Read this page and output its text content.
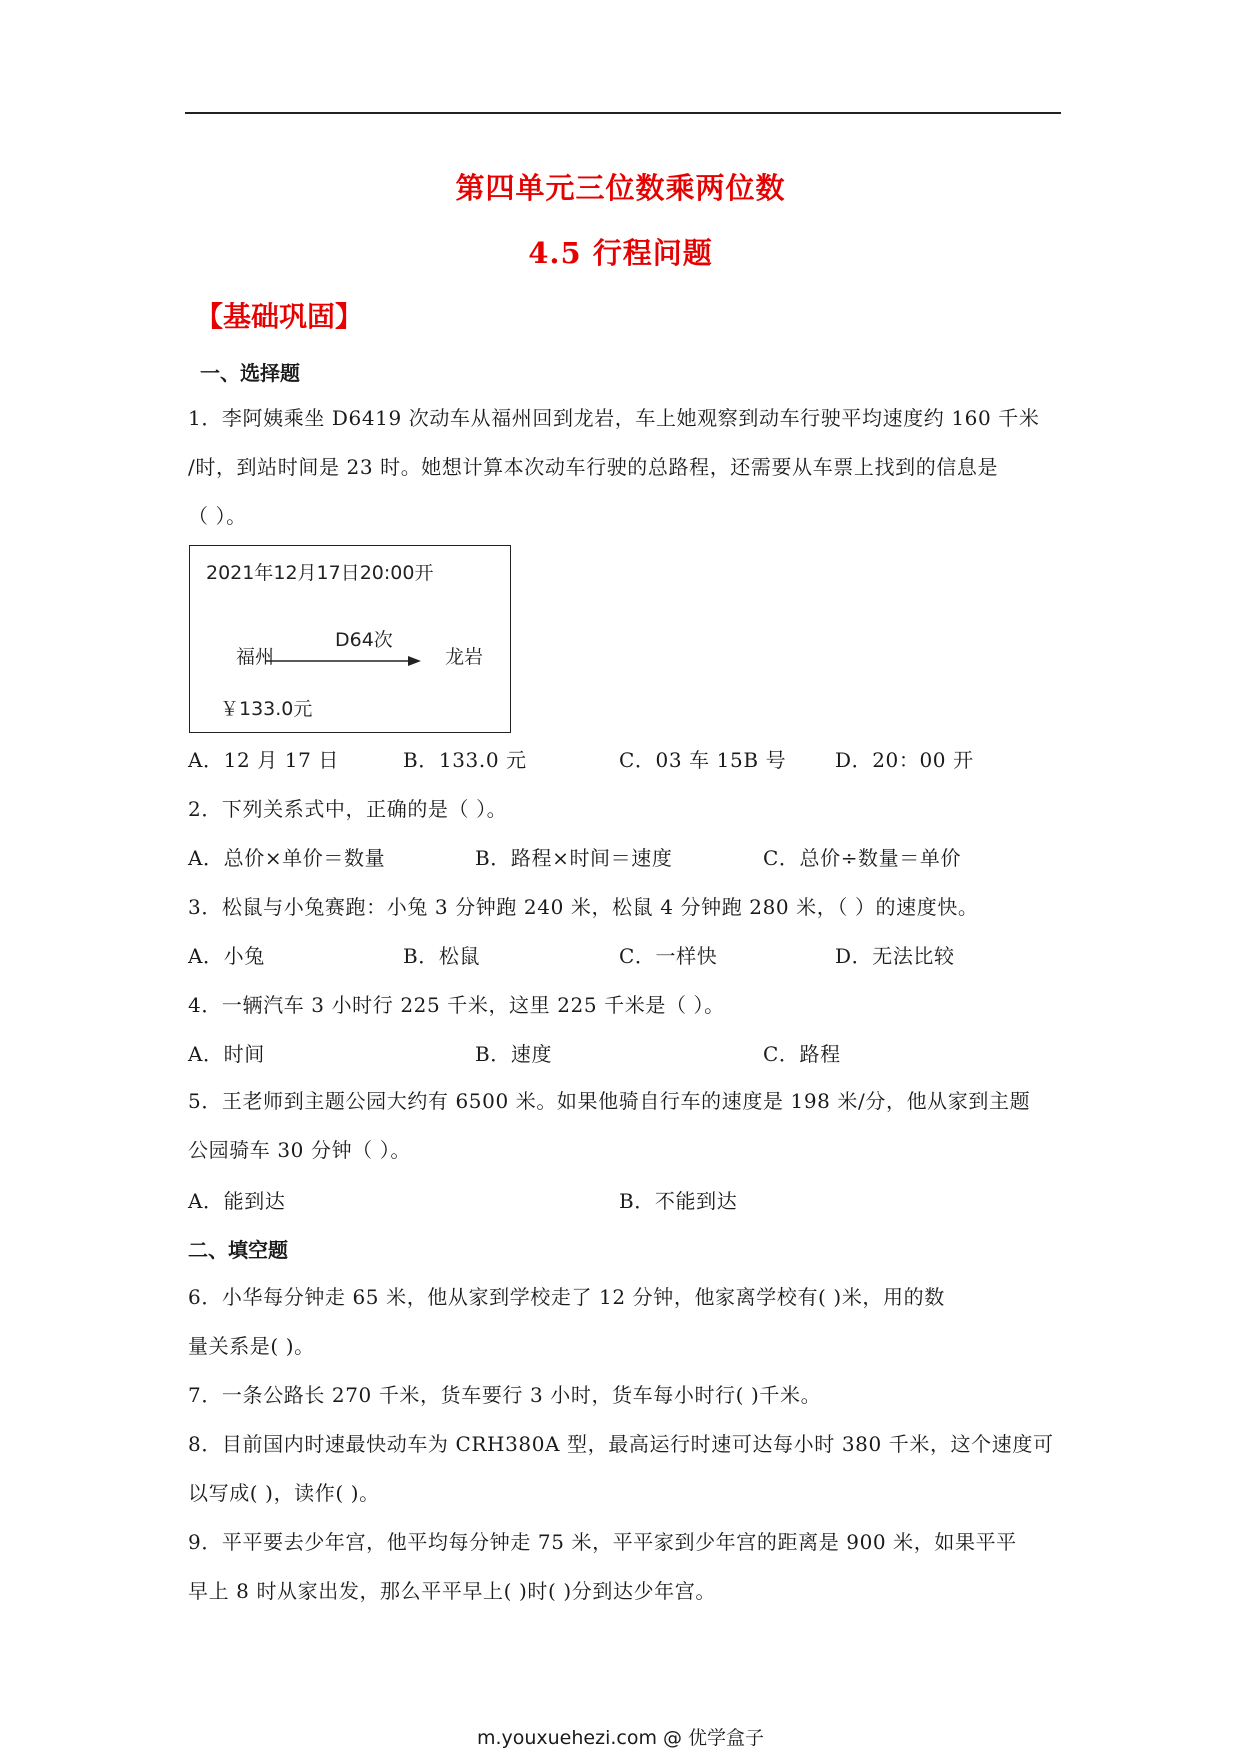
第四单元三位数乘两位数
4.5 行程问题
【基础巩固】
一、选择题
1．李阿姨乘坐 D6419 次动车从福州回到龙岩，车上她观察到动车行驶平均速度约 160 千米
/时，到站时间是 23 时。她想计算本次动车行驶的总路程，还需要从车票上找到的信息是
（ ）。
2021年12月17日20:00开
D64次
福州	龙岩
￥133.0元
A．12 月 17 日	B．133.0 元	C．03 车 15B 号 D．20：00 开
2．下列关系式中，正确的是（ ）。
A．总价×单价＝数量	B．路程×时间＝速度	C．总价÷数量＝单价
3．松鼠与小兔赛跑：小兔 3 分钟跑 240 米，松鼠 4 分钟跑 280 米，（ ）的速度快。
A．小兔	B．松鼠	C．一样快	D．无法比较
4．一辆汽车 3 小时行 225 千米，这里 225 千米是（ ）。
A．时间	B．速度	C．路程
5．王老师到主题公园大约有 6500 米。如果他骑自行车的速度是 198 米/分，他从家到主题
公园骑车 30 分钟（ ）。
A．能到达	B．不能到达
二、填空题
6．小华每分钟走 65 米，他从家到学校走了 12 分钟，他家离学校有( )米，用的数
量关系是( )。
7．一条公路长 270 千米，货车要行 3 小时，货车每小时行( )千米。
8．目前国内时速最快动车为 CRH380A 型，最高运行时速可达每小时 380 千米，这个速度可
以写成( )，读作( )。
9．平平要去少年宫，他平均每分钟走 75 米，平平家到少年宫的距离是 900 米，如果平平
早上 8 时从家出发，那么平平早上( )时( )分到达少年宫。
m.youxuehezi.com @ 优学盒子
